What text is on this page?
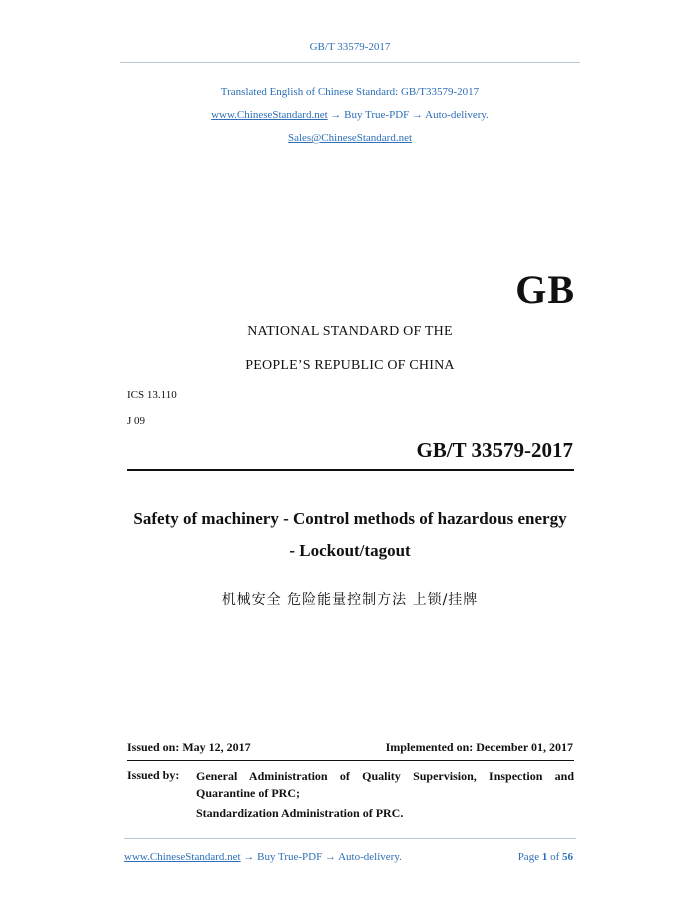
GB/T 33579-2017
Translated English of Chinese Standard: GB/T33579-2017
www.ChineseStandard.net → Buy True-PDF → Auto-delivery.
Sales@ChineseStandard.net
GB
NATIONAL STANDARD OF THE
PEOPLE’S REPUBLIC OF CHINA
ICS 13.110
J 09
GB/T 33579-2017
Safety of machinery - Control methods of hazardous energy
- Lockout/tagout
机械安全 危险能量控制方法 上锁/挂牌
Issued on: May 12, 2017	Implemented on: December 01, 2017
Issued by: General Administration of Quality Supervision, Inspection and Quarantine of PRC;
Standardization Administration of PRC.
www.ChineseStandard.net → Buy True-PDF → Auto-delivery.	Page 1 of 56
